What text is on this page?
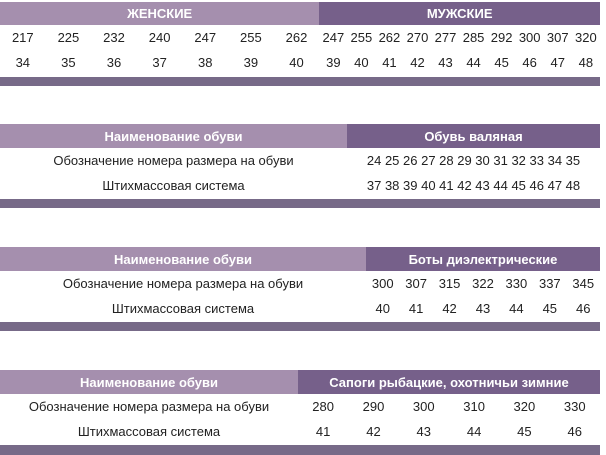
ЖЕНСКИЕ							МУЖСКИЕ									
217	225	232	240	247	255	262	247	255	262	270	277	285	292	300	307	320
34	35	36	37	38	39	40	39	40	41	42	43	44	45	46	47	48
Наименование обуви	Обувь валяная
Обозначение номера размера на обуви	24 25 26 27 28 29 30 31 32 33 34 35
Штихмассовая система	37 38 39 40 41 42 43 44 45 46 47 48
Наименование обуви	Боты диэлектрические						
Обозначение номера размера на обуви	300	307	315	322	330	337	345
Штихмассовая система	40	41	42	43	44	45	46
Наименование обуви	Сапоги рыбацкие, охотничьи зимние					
Обозначение номера размера на обуви	280	290	300	310	320	330
Штихмассовая система	41	42	43	44	45	46
